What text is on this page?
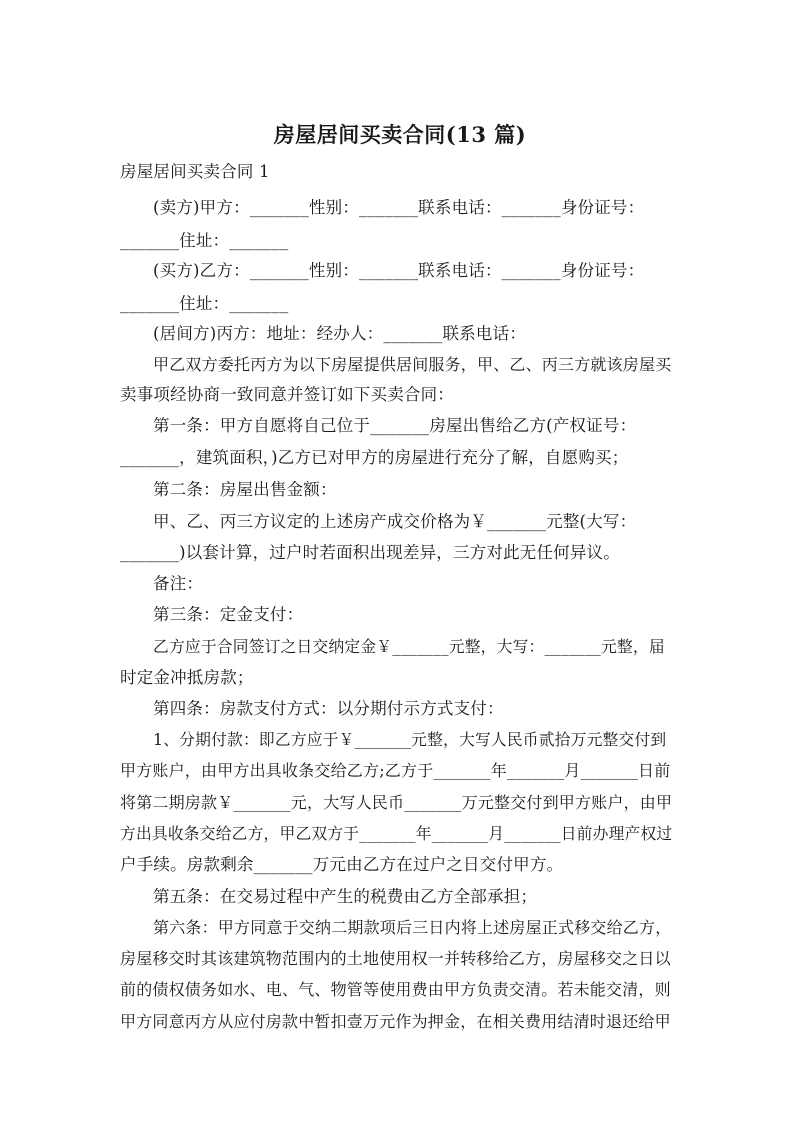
房屋居间买卖合同(13 篇)
房屋居间买卖合同 1
(卖方)甲方：_______性别：_______联系电话：_______身份证号：
_______住址：_______
(买方)乙方：_______性别：_______联系电话：_______身份证号：
_______住址：_______
(居间方)丙方：地址：经办人：_______联系电话：
甲乙双方委托丙方为以下房屋提供居间服务，甲、乙、丙三方就该房屋买
卖事项经协商一致同意并签订如下买卖合同：
第一条：甲方自愿将自己位于_______房屋出售给乙方(产权证号：
_______，建筑面积，)乙方已对甲方的房屋进行充分了解，自愿购买；
第二条：房屋出售金额：
甲、乙、丙三方议定的上述房产成交价格为￥_______元整(大写：
_______)以套计算，过户时若面积出现差异，三方对此无任何异议。
备注：
第三条：定金支付：
乙方应于合同签订之日交纳定金￥_______元整，大写：_______元整，届
时定金冲抵房款；
第四条：房款支付方式：以分期付示方式支付：
1、分期付款：即乙方应于￥_______元整，大写人民币贰拾万元整交付到
甲方账户，由甲方出具收条交给乙方;乙方于_______年_______月_______日前
将第二期房款￥_______元，大写人民币_______万元整交付到甲方账户，由甲
方出具收条交给乙方，甲乙双方于_______年_______月_______日前办理产权过
户手续。房款剩余_______万元由乙方在过户之日交付甲方。
第五条：在交易过程中产生的税费由乙方全部承担；
第六条：甲方同意于交纳二期款项后三日内将上述房屋正式移交给乙方，
房屋移交时其该建筑物范围内的土地使用权一并转移给乙方，房屋移交之日以
前的债权债务如水、电、气、物管等使用费由甲方负责交清。若未能交清，则
甲方同意丙方从应付房款中暂扣壹万元作为押金，在相关费用结清时退还给甲
